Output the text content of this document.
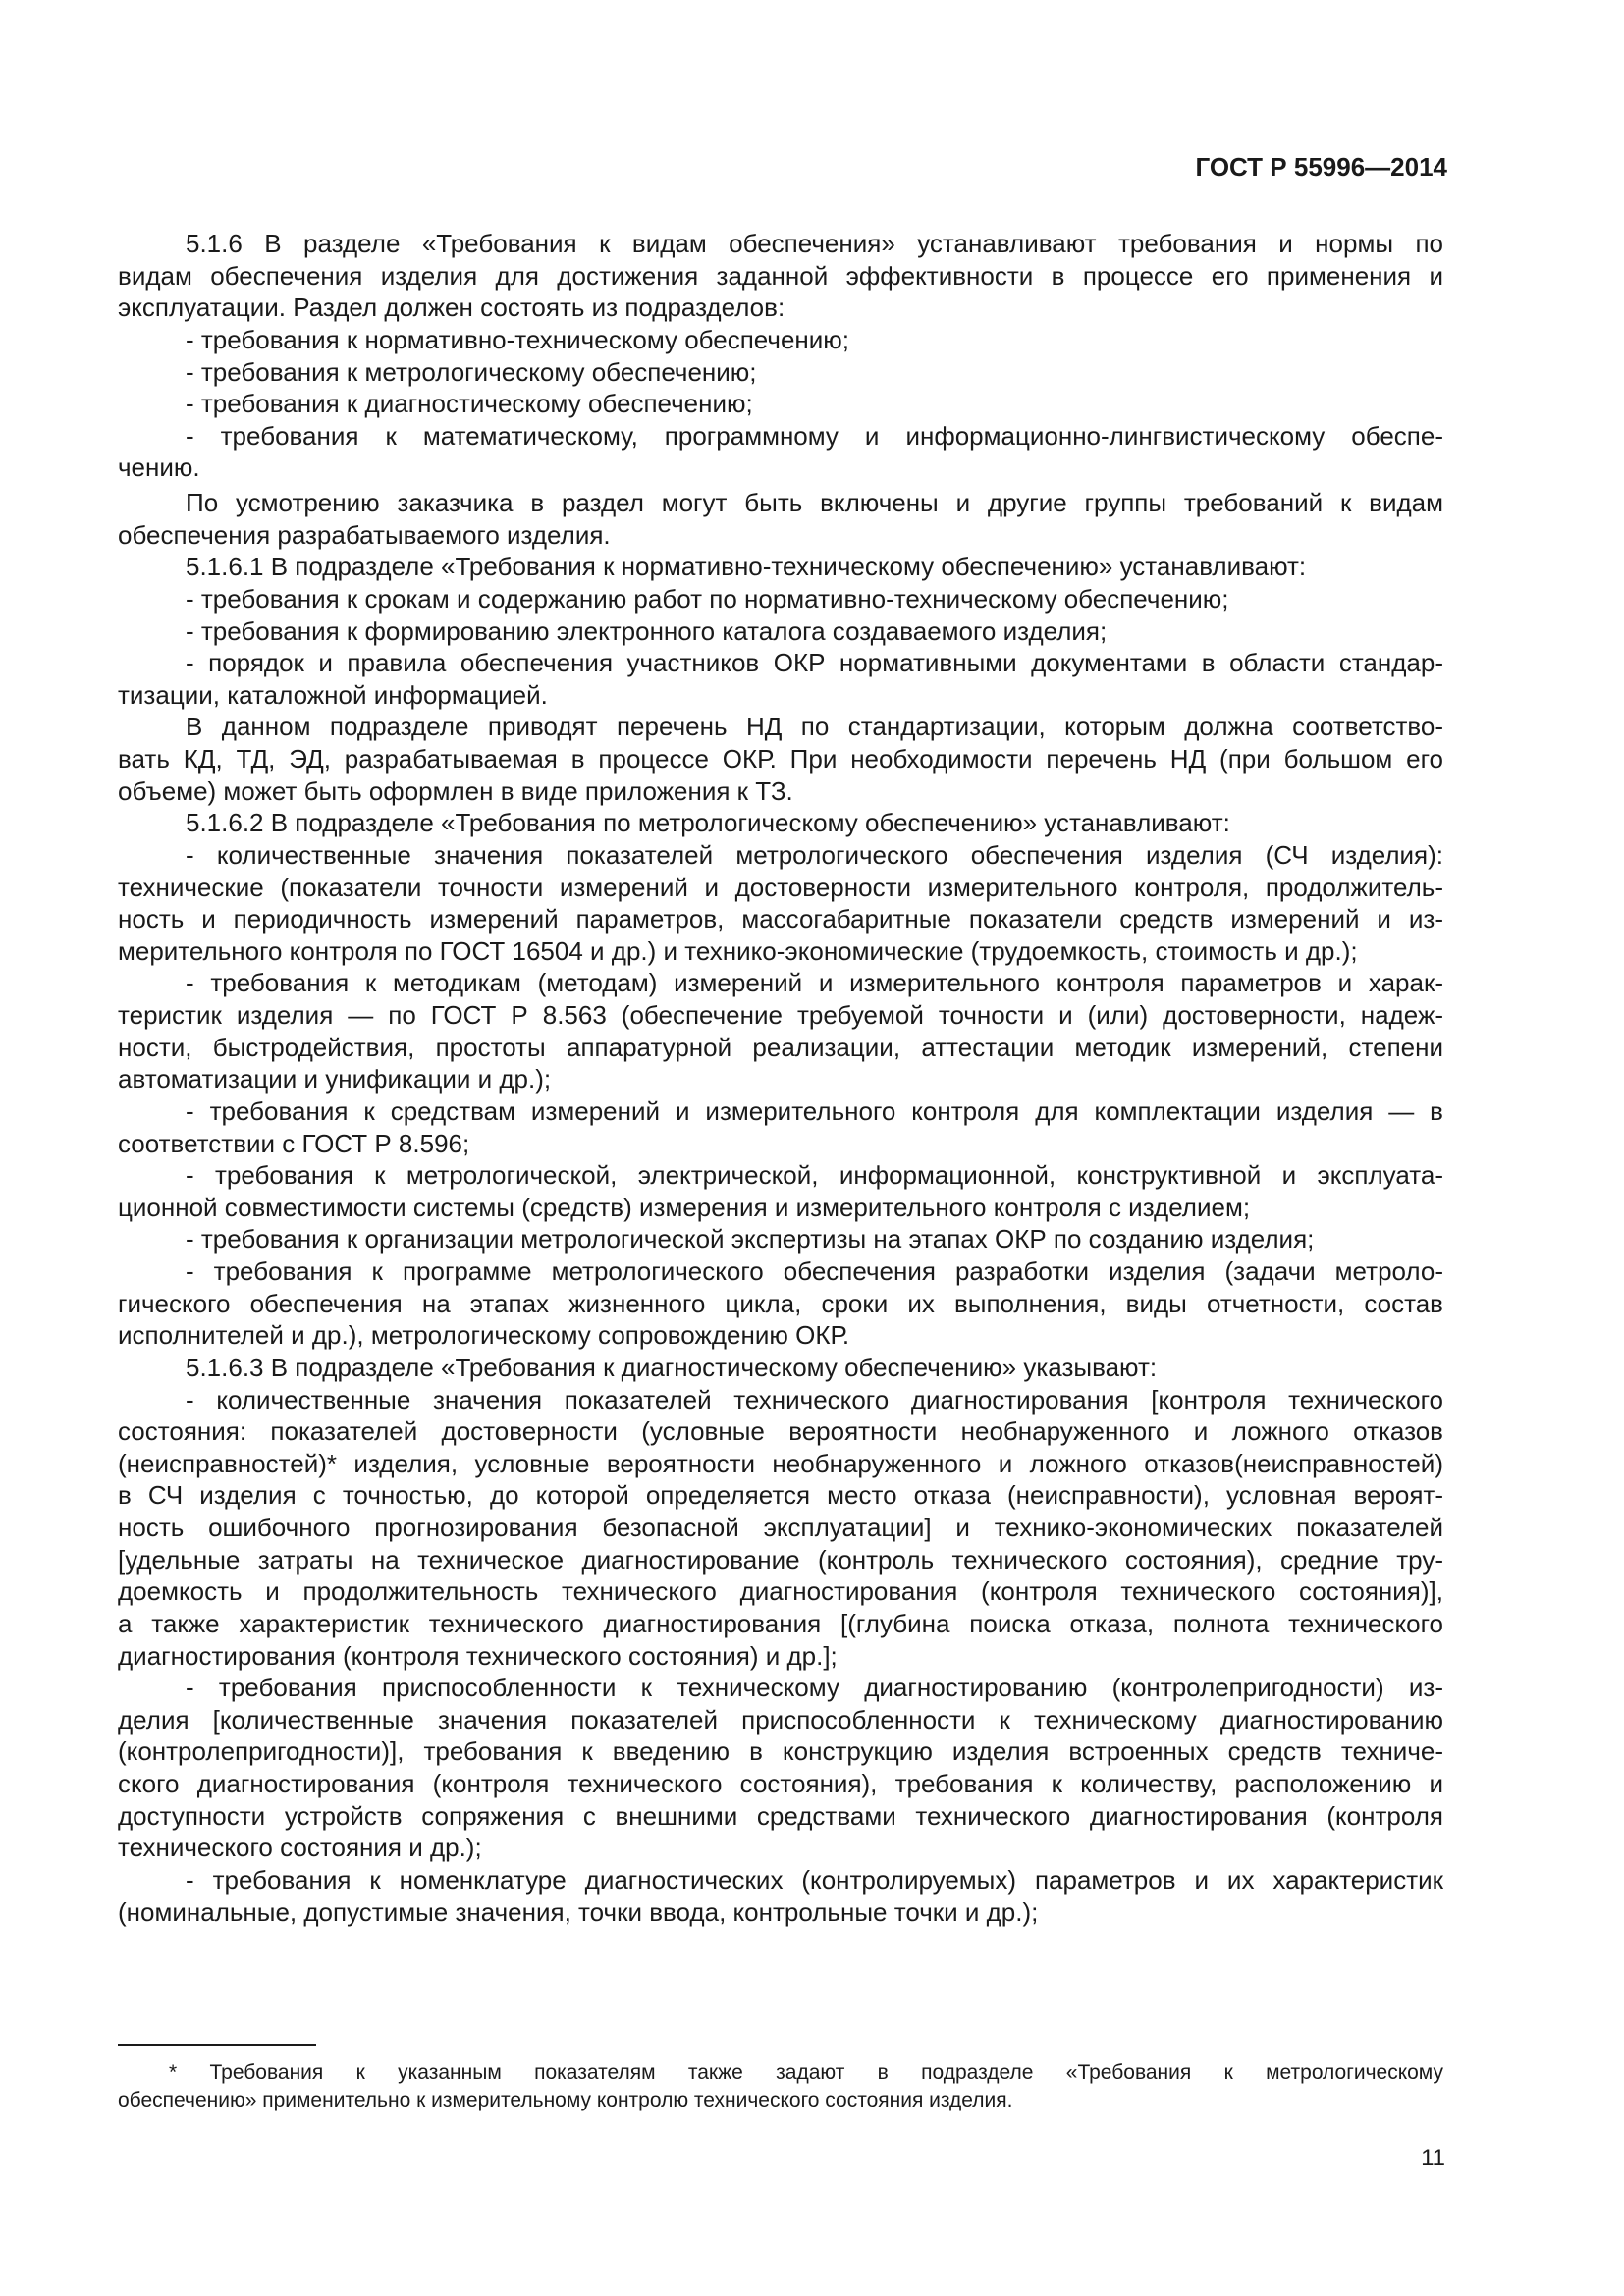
ГОСТ Р 55996—2014
5.1.6 В разделе «Требования к видам обеспечения» устанавливают требования и нормы по
видам обеспечения изделия для достижения заданной эффективности в процессе его применения и
эксплуатации. Раздел должен состоять из подразделов:
- требования к нормативно-техническому обеспечению;
- требования к метрологическому обеспечению;
- требования к диагностическому обеспечению;
- требования к математическому, программному и информационно-лингвистическому обеспе-
чению.
По усмотрению заказчика в раздел могут быть включены и другие группы требований к видам
обеспечения разрабатываемого изделия.
5.1.6.1 В подразделе «Требования к нормативно-техническому обеспечению» устанавливают:
- требования к срокам и содержанию работ по нормативно-техническому обеспечению;
- требования к формированию электронного каталога создаваемого изделия;
- порядок и правила обеспечения участников ОКР нормативными документами в области стандар-
тизации, каталожной информацией.
В данном подразделе приводят перечень НД по стандартизации, которым должна соответство-
вать КД, ТД, ЭД, разрабатываемая в процессе ОКР. При необходимости перечень НД (при большом его
объеме) может быть оформлен в виде приложения к ТЗ.
5.1.6.2 В подразделе «Требования по метрологическому обеспечению» устанавливают:
- количественные значения показателей метрологического обеспечения изделия (СЧ изделия):
технические (показатели точности измерений и достоверности измерительного контроля, продолжитель-
ность и периодичность измерений параметров, массогабаритные показатели средств измерений и из-
мерительного контроля по ГОСТ 16504 и др.) и технико-экономические (трудоемкость, стоимость и др.);
- требования к методикам (методам) измерений и измерительного контроля параметров и харак-
теристик изделия — по ГОСТ Р 8.563 (обеспечение требуемой точности и (или) достоверности, надеж-
ности, быстродействия, простоты аппаратурной реализации, аттестации методик измерений, степени
автоматизации и унификации и др.);
- требования к средствам измерений и измерительного контроля для комплектации изделия — в
соответствии с ГОСТ Р 8.596;
- требования к метрологической, электрической, информационной, конструктивной и эксплуата-
ционной совместимости системы (средств) измерения и измерительного контроля с изделием;
- требования к организации метрологической экспертизы на этапах ОКР по созданию изделия;
- требования к программе метрологического обеспечения разработки изделия (задачи метроло-
гического обеспечения на этапах жизненного цикла, сроки их выполнения, виды отчетности, состав
исполнителей и др.), метрологическому сопровождению ОКР.
5.1.6.3 В подразделе «Требования к диагностическому обеспечению» указывают:
- количественные значения показателей технического диагностирования [контроля технического
состояния: показателей достоверности (условные вероятности необнаруженного и ложного отказов
(неисправностей)* изделия, условные вероятности необнаруженного и ложного отказов(неисправностей)
в СЧ изделия с точностью, до которой определяется место отказа (неисправности), условная вероят-
ность ошибочного прогнозирования безопасной эксплуатации] и технико-экономических показателей
[удельные затраты на техническое диагностирование (контроль технического состояния), средние тру-
доемкость и продолжительность технического диагностирования (контроля технического состояния)],
а также характеристик технического диагностирования [(глубина поиска отказа, полнота технического
диагностирования (контроля технического состояния) и др.];
- требования приспособленности к техническому диагностированию (контролепригодности) из-
делия [количественные значения показателей приспособленности к техническому диагностированию
(контролепригодности)], требования к введению в конструкцию изделия встроенных средств техниче-
ского диагностирования (контроля технического состояния), требования к количеству, расположению и
доступности устройств сопряжения с внешними средствами технического диагностирования (контроля
технического состояния и др.);
- требования к номенклатуре диагностических (контролируемых) параметров и их характеристик
(номинальные, допустимые значения, точки ввода, контрольные точки и др.);
* Требования к указанным показателям также задают в подразделе «Требования к метрологическому
обеспечению» применительно к измерительному контролю технического состояния изделия.
11
